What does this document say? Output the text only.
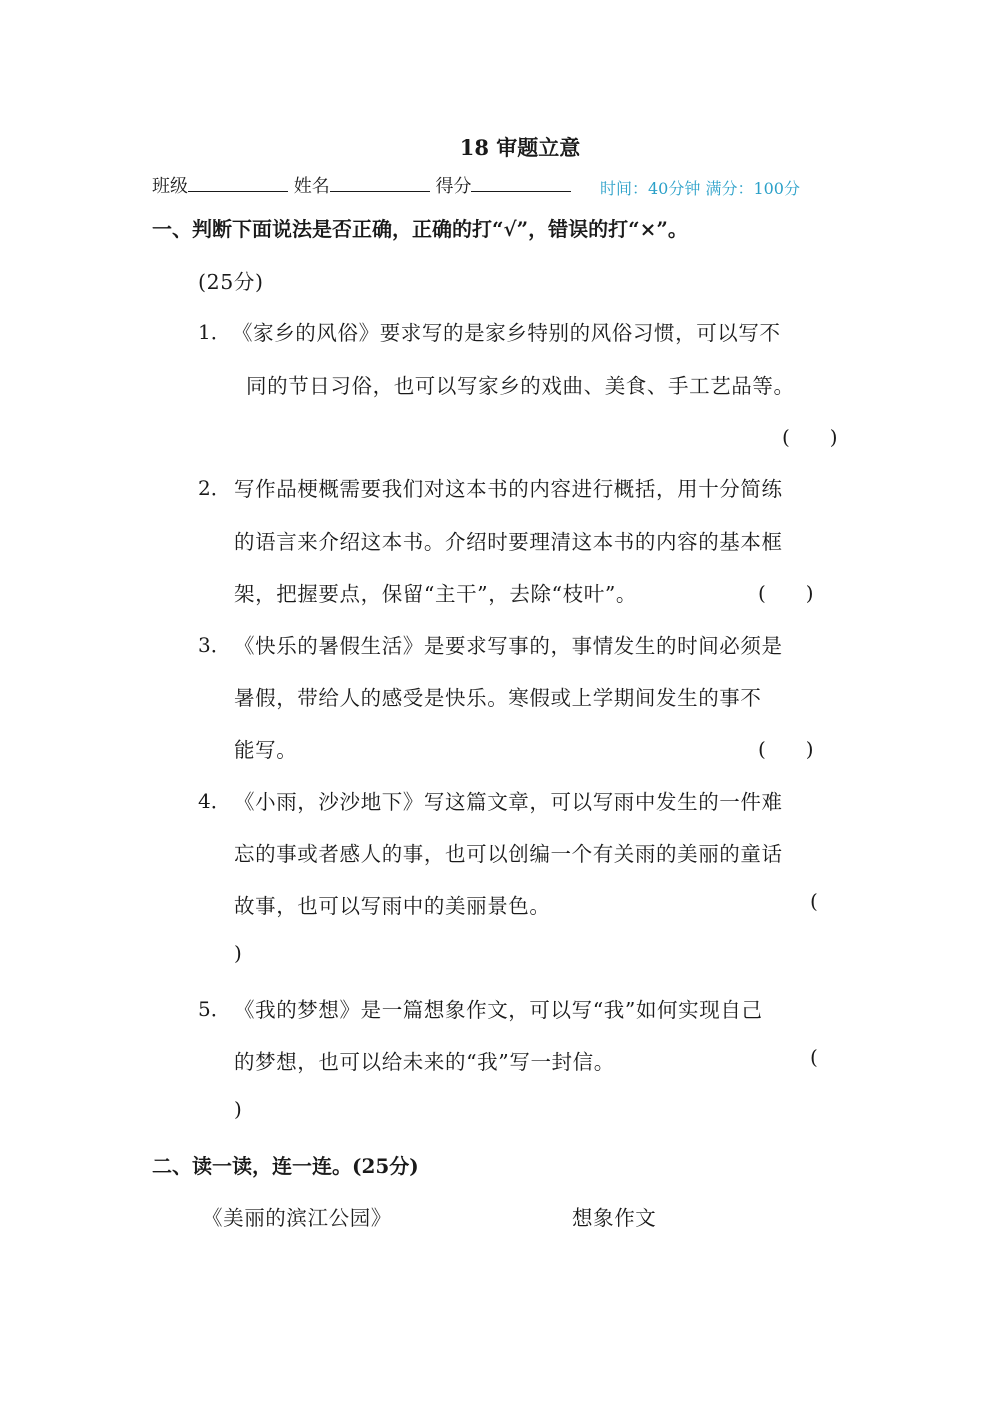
18 审题立意
班级	姓名	得分	时间：40分钟 满分：100分
一、判断下面说法是否正确，正确的打“√”，错误的打“×”。
(25分)
1． 《家乡的风俗》要求写的是家乡特别的风俗习惯，可以写不
同的节日习俗，也可以写家乡的戏曲、美食、手工艺品等。
(　　)
2． 写作品梗概需要我们对这本书的内容进行概括，用十分简练
的语言来介绍这本书。介绍时要理清这本书的内容的基本框
架，把握要点，保留“主干”，去除“枝叶”。	(　　)
3． 《快乐的暑假生活》是要求写事的，事情发生的时间必须是
暑假，带给人的感受是快乐。寒假或上学期间发生的事不
能写。	(　　)
4． 《小雨，沙沙地下》写这篇文章，可以写雨中发生的一件难
忘的事或者感人的事，也可以创编一个有关雨的美丽的童话
故事，也可以写雨中的美丽景色。	(
)
5． 《我的梦想》是一篇想象作文，可以写“我”如何实现自己
的梦想，也可以给未来的“我”写一封信。	(
)
二、读一读，连一连。(25分)
《美丽的滨江公园》	想象作文
